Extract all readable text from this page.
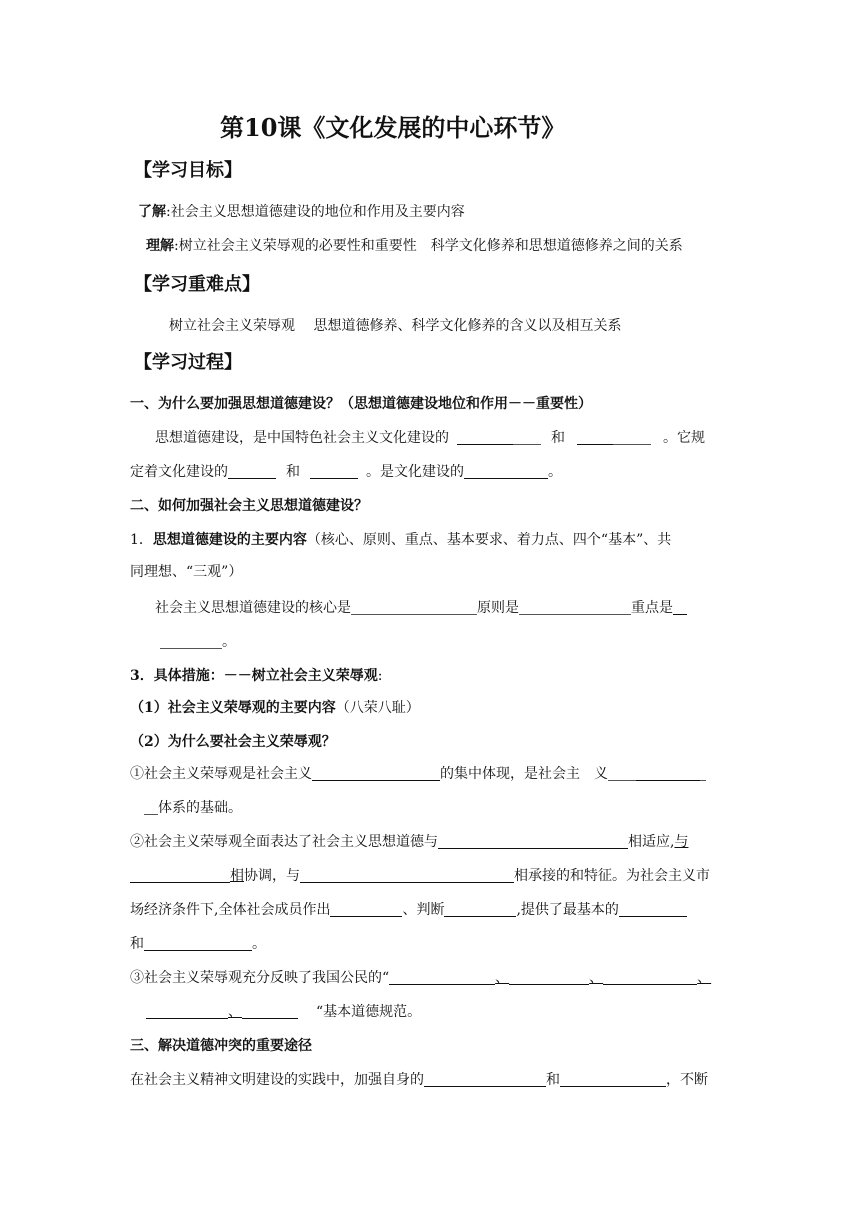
第10课《文化发展的中心环节》
【学习目标】
了解:社会主义思想道德建设的地位和作用及主要内容
理解:树立社会主义荣辱观的必要性和重要性　科学文化修养和思想道德修养之间的关系
【学习重难点】
树立社会主义荣辱观　 思想道德修养、科学文化修养的含义以及相互关系
【学习过程】
一、为什么要加强思想道德建设？（思想道德建设地位和作用－－重要性）
思想道德建设，是中国特色社会主义文化建设的	和	。它规
定着文化建设的	和	。是文化建设的	。
二、如何加强社会主义思想道德建设？
1．思想道德建设的主要内容（核心、原则、重点、基本要求、着力点、四个“基本”、共
同理想、“三观”）
社会主义思想道德建设的核心是	原则是	重点是
。
3．具体措施：－－树立社会主义荣辱观:
（1）社会主义荣辱观的主要内容（八荣八耻）
（2）为什么要社会主义荣辱观？
①社会主义荣辱观是社会主义	的集中体现，是社会主　义
体系的基础。
②社会主义荣辱观全面表达了社会主义思想道德与	相适应,与
相协调，与	相承接的和特征。为社会主义市
场经济条件下,全体社会成员作出	、判断	,提供了最基本的
和	。
③社会主义荣辱观充分反映了我国公民的“	、	、	、
、	“基本道德规范。
三、解决道德冲突的重要途径
在社会主义精神文明建设的实践中，加强自身的	和	，不断
